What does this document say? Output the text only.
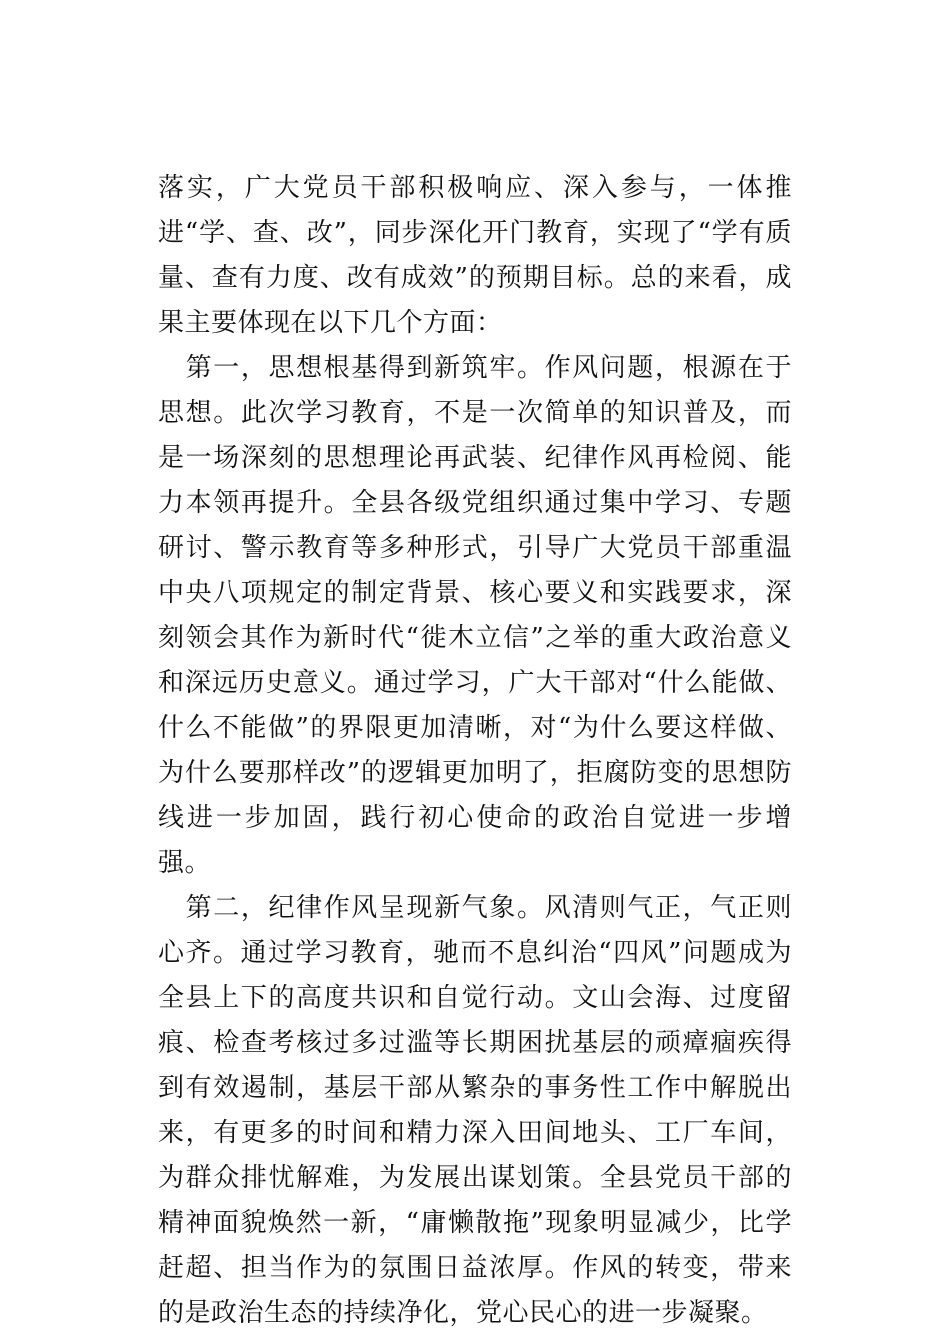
落实，广大党员干部积极响应、深入参与，一体推进“学、查、改”，同步深化开门教育，实现了“学有质量、查有力度、改有成效”的预期目标。总的来看，成果主要体现在以下几个方面：

　第一，思想根基得到新筑牢。作风问题，根源在于思想。此次学习教育，不是一次简单的知识普及，而是一场深刻的思想理论再武装、纪律作风再检阅、能力本领再提升。全县各级党组织通过集中学习、专题研讨、警示教育等多种形式，引导广大党员干部重温中央八项规定的制定背景、核心要义和实践要求，深刻领会其作为新时代“徙木立信”之举的重大政治意义和深远历史意义。通过学习，广大干部对“什么能做、什么不能做”的界限更加清晰，对“为什么要这样做、为什么要那样改”的逻辑更加明了，拒腐防变的思想防线进一步加固，践行初心使命的政治自觉进一步增强。

　第二，纪律作风呈现新气象。风清则气正，气正则心齐。通过学习教育，驰而不息纠治“四风”问题成为全县上下的高度共识和自觉行动。文山会海、过度留痕、检查考核过多过滥等长期困扰基层的顽瘴痼疾得到有效遏制，基层干部从繁杂的事务性工作中解脱出来，有更多的时间和精力深入田间地头、工厂车间，为群众排忧解难，为发展出谋划策。全县党员干部的精神面貌焕然一新，“庸懒散拖”现象明显减少，比学赶超、担当作为的氛围日益浓厚。作风的转变，带来的是政治生态的持续净化，党心民心的进一步凝聚。
